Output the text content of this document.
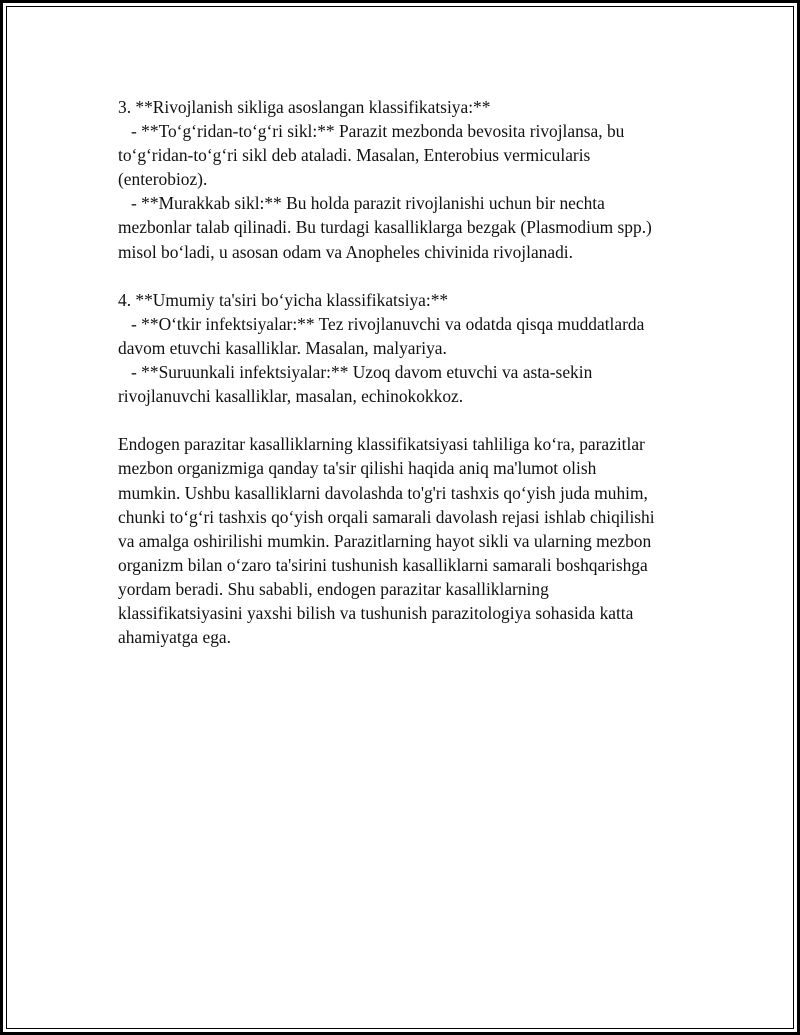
3. **Rivojlanish sikliga asoslangan klassifikatsiya:**
- **To‘g‘ridan-to‘g‘ri sikl:** Parazit mezbonda bevosita rivojlansa, bu
to‘g‘ridan-to‘g‘ri sikl deb ataladi. Masalan, Enterobius vermicularis
(enterobioz).
- **Murakkab sikl:** Bu holda parazit rivojlanishi uchun bir nechta
mezbonlar talab qilinadi. Bu turdagi kasalliklarga bezgak (Plasmodium spp.)
misol bo‘ladi, u asosan odam va Anopheles chivinida rivojlanadi.
4. **Umumiy ta'siri bo‘yicha klassifikatsiya:**
- **O‘tkir infektsiyalar:** Tez rivojlanuvchi va odatda qisqa muddatlarda
davom etuvchi kasalliklar. Masalan, malyariya.
- **Suruunkali infektsiyalar:** Uzoq davom etuvchi va asta-sekin
rivojlanuvchi kasalliklar, masalan, echinokokkoz.
Endogen parazitar kasalliklarning klassifikatsiyasi tahliliga ko‘ra, parazitlar
mezbon organizmiga qanday ta'sir qilishi haqida aniq ma'lumot olish
mumkin. Ushbu kasalliklarni davolashda to'g'ri tashxis qo‘yish juda muhim,
chunki to‘g‘ri tashxis qo‘yish orqali samarali davolash rejasi ishlab chiqilishi
va amalga oshirilishi mumkin. Parazitlarning hayot sikli va ularning mezbon
organizm bilan o‘zaro ta'sirini tushunish kasalliklarni samarali boshqarishga
yordam beradi. Shu sababli, endogen parazitar kasalliklarning
klassifikatsiyasini yaxshi bilish va tushunish parazitologiya sohasida katta
ahamiyatga ega.
